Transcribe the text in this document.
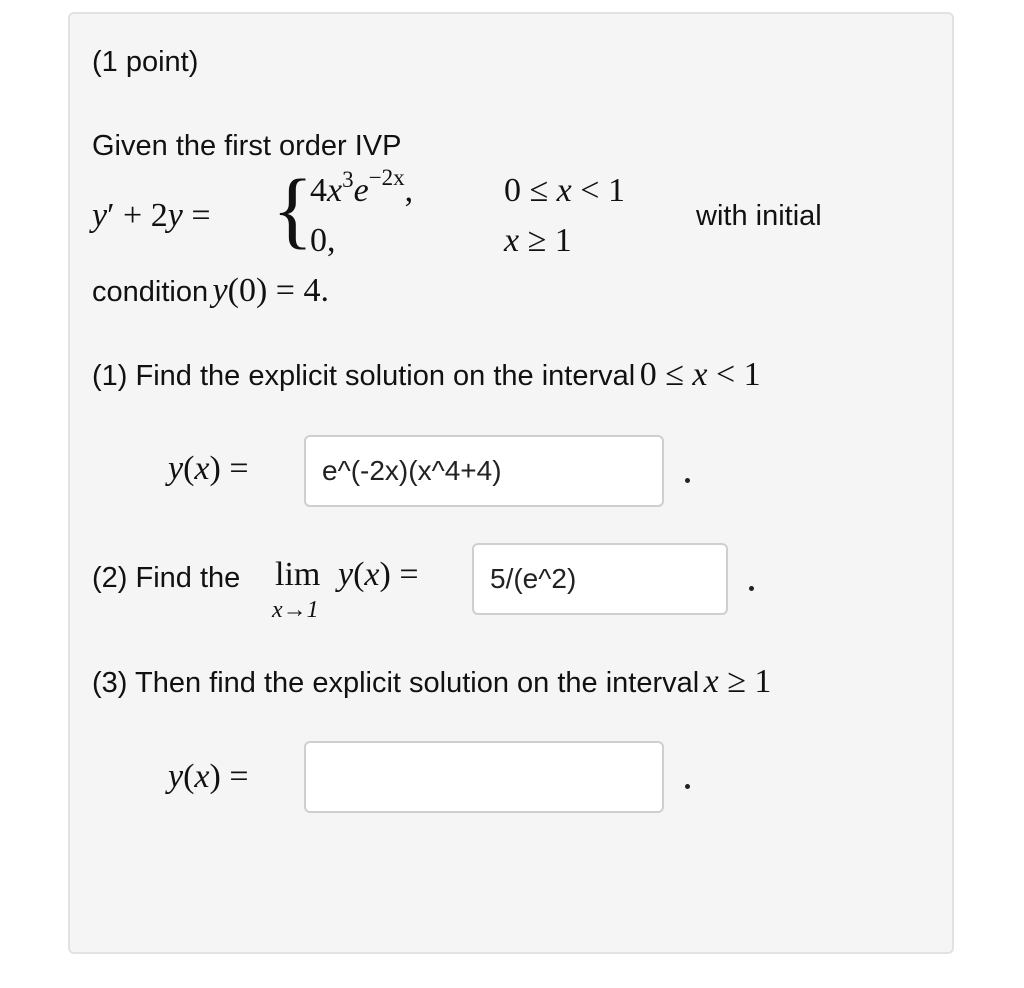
(1 point)
Given the first order IVP
y′ + 2y = {
$4x^3e^{-2x}$,
0,
0 ≤ x < 1
x ≥ 1
with initial
condition y(0) = 4.
(1) Find the explicit solution on the interval 0 ≤ x < 1
y(x) =	e^(-2x)(x^4+4)
(2) Find the lim
x→1
y(x) =	5/(e^2)
(3) Then find the explicit solution on the interval x ≥ 1
y(x) =
